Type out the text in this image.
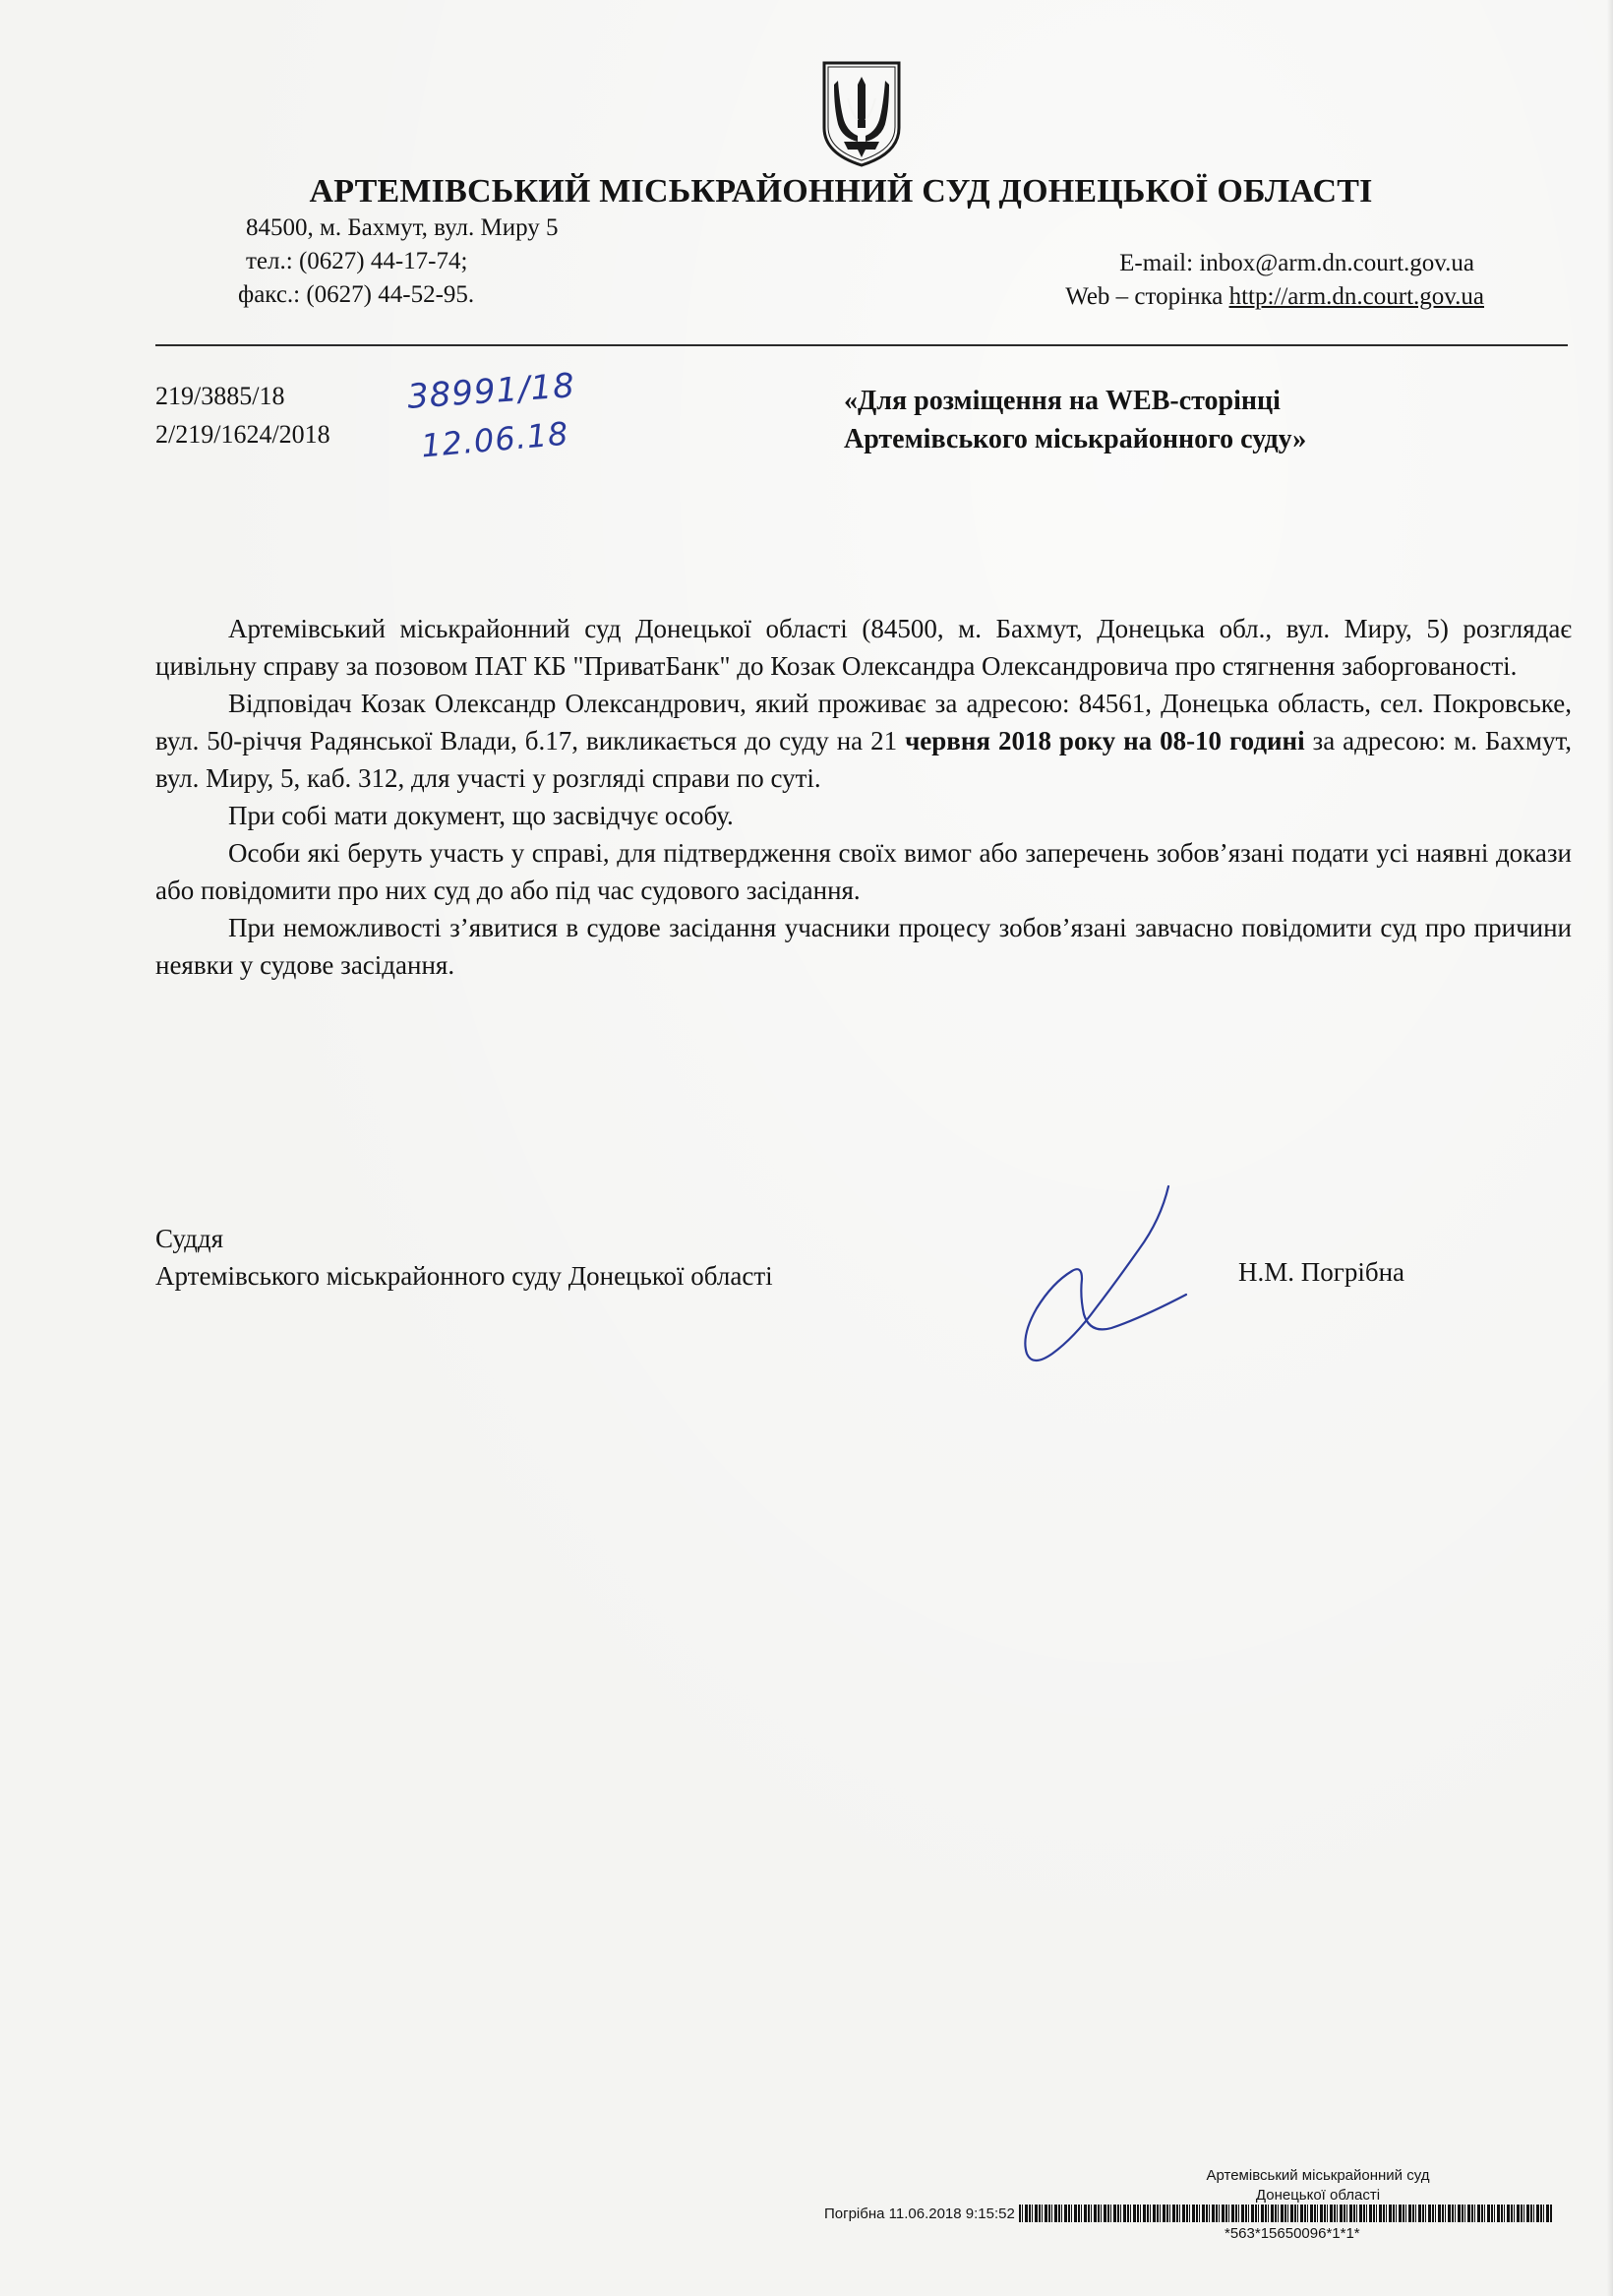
АРТЕМІВСЬКИЙ МІСЬКРАЙОННИЙ СУД ДОНЕЦЬКОЇ ОБЛАСТІ
84500, м. Бахмут, вул. Миру 5
тел.: (0627) 44-17-74;
факс.: (0627) 44-52-95.
E-mail: inbox@arm.dn.court.gov.ua
Web – сторінка http://arm.dn.court.gov.ua
219/3885/18
2/219/1624/2018
38991/18
12.06.18
«Для розміщення на WEB-сторінці
Артемівського міськрайонного суду»

Артемівський міськрайонний суд Донецької області (84500, м. Бахмут, Донецька обл., вул. Миру, 5) розглядає цивільну справу за позовом ПАТ КБ "ПриватБанк" до Козак Олександра Олександровича про стягнення заборгованості.

Відповідач Козак Олександр Олександрович, який проживає за адресою: 84561, Донецька область, сел. Покровське, вул. 50-річчя Радянської Влади, б.17, викликається до суду на 21 червня 2018 року на 08-10 годині за адресою: м. Бахмут, вул. Миру, 5, каб. 312, для участі у розгляді справи по суті.

При собі мати документ, що засвідчує особу.

Особи які беруть участь у справі, для підтвердження своїх вимог або заперечень зобов’язані подати усі наявні докази або повідомити про них суд до або під час судового засідання.

При неможливості з’явитися в судове засідання учасники процесу зобов’язані завчасно повідомити суд про причини неявки у судове засідання.

Суддя
Артемівського міськрайонного суду Донецької області	Н.М. Погрібна
Артемівський міськрайонний суд
Донецької області
Погрібна 11.06.2018 9:15:52
*563*15650096*1*1*
